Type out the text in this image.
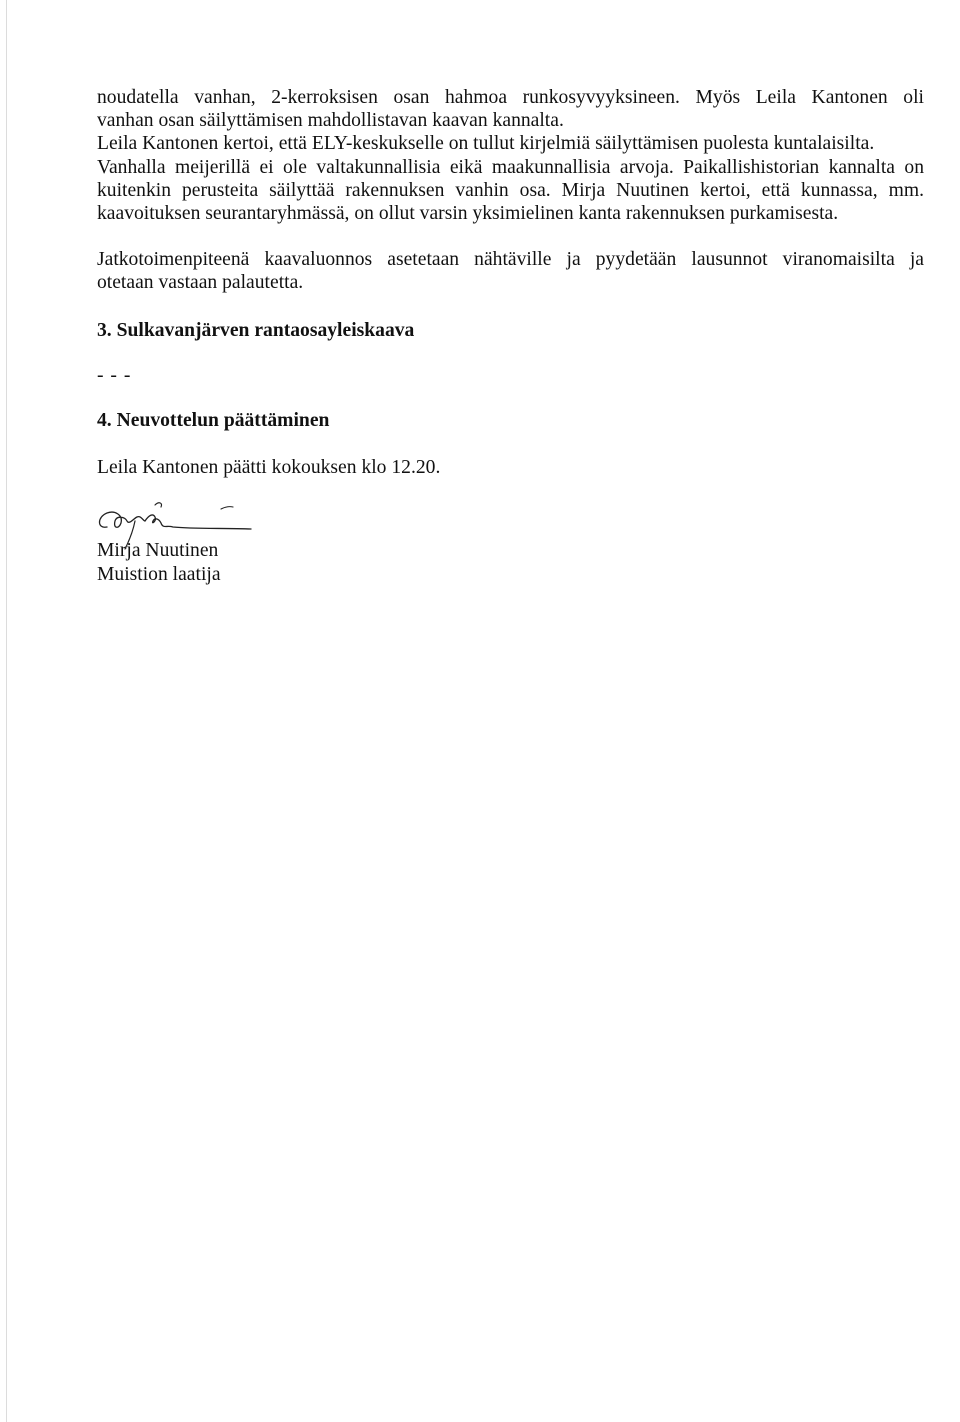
noudatella vanhan, 2-kerroksisen osan hahmoa runkosyvyyksineen. Myös Leila Kantonen oli
vanhan osan säilyttämisen mahdollistavan kaavan kannalta.
Leila Kantonen kertoi, että ELY-keskukselle on tullut kirjelmiä säilyttämisen puolesta kuntalaisilta.
Vanhalla meijerillä ei ole valtakunnallisia eikä maakunnallisia arvoja. Paikallishistorian kannalta on
kuitenkin perusteita säilyttää rakennuksen vanhin osa. Mirja Nuutinen kertoi, että kunnassa, mm.
kaavoituksen seurantaryhmässä, on ollut varsin yksimielinen kanta rakennuksen purkamisesta.

Jatkotoimenpiteenä kaavaluonnos asetetaan nähtäville ja pyydetään lausunnot viranomaisilta ja
otetaan vastaan palautetta.

3. Sulkavanjärven rantaosayleiskaava

- - -

4. Neuvottelun päättäminen

Leila Kantonen päätti kokouksen klo 12.20.

Mirja Nuutinen

Muistion laatija
